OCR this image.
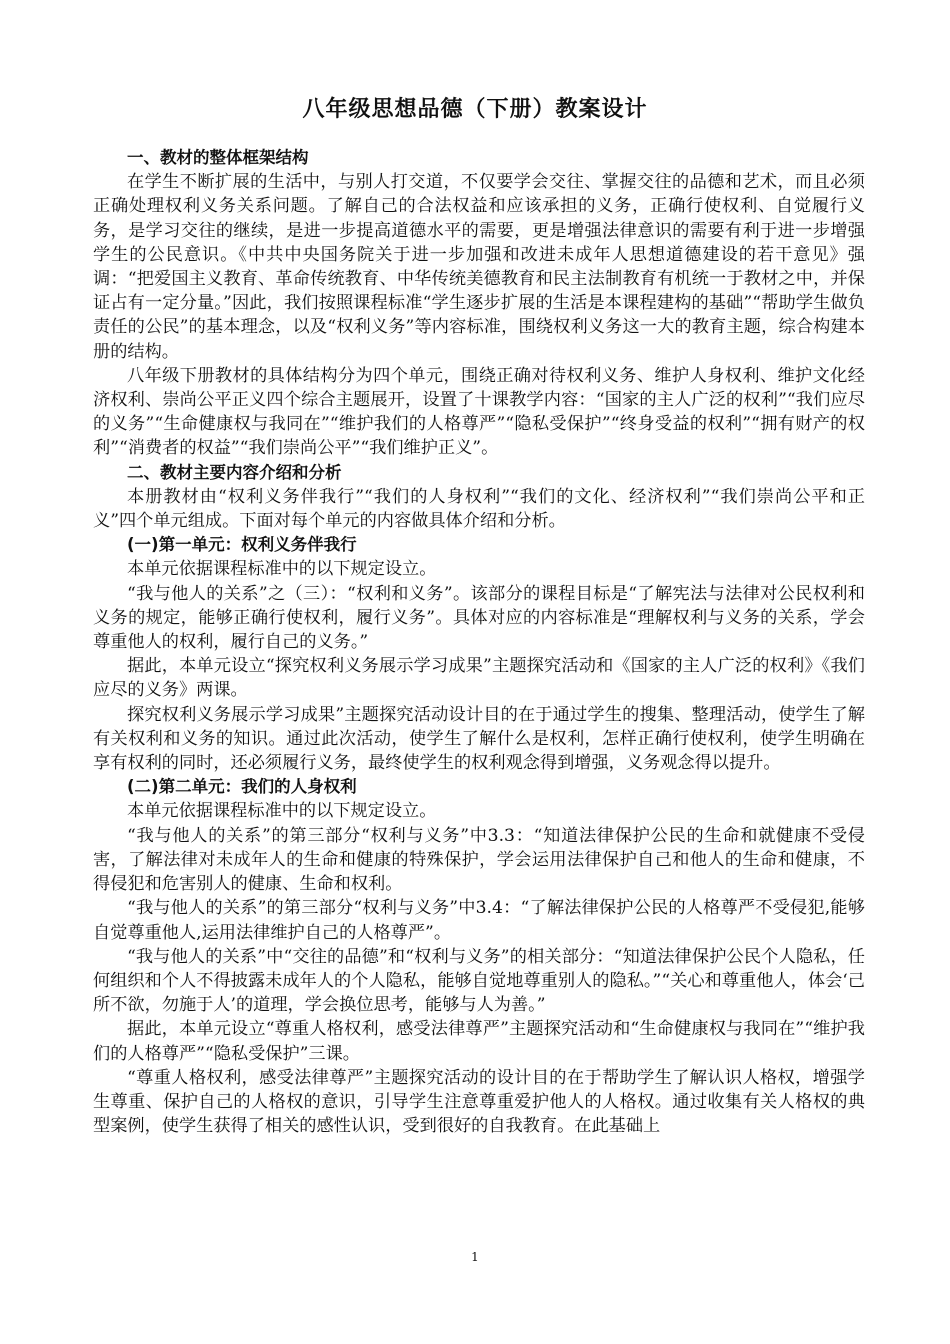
八年级思想品德（下册）教案设计

一、教材的整体框架结构

在学生不断扩展的生活中，与别人打交道，不仅要学会交往、掌握交往的品德和艺术，而且必须正确处理权利义务关系问题。了解自己的合法权益和应该承担的义务，正确行使权利、自觉履行义务，是学习交往的继续，是进一步提高道德水平的需要，更是增强法律意识的需要有利于进一步增强学生的公民意识。《中共中央国务院关于进一步加强和改进未成年人思想道德建设的若干意见》强调：“把爱国主义教育、革命传统教育、中华传统美德教育和民主法制教育有机统一于教材之中，并保证占有一定分量。”因此，我们按照课程标准“学生逐步扩展的生活是本课程建构的基础”“帮助学生做负责任的公民”的基本理念，以及“权利义务”等内容标准，围绕权利义务这一大的教育主题，综合构建本册的结构。

八年级下册教材的具体结构分为四个单元，围绕正确对待权利义务、维护人身权利、维护文化经济权利、崇尚公平正义四个综合主题展开，设置了十课教学内容：“国家的主人广泛的权利”“我们应尽的义务”“生命健康权与我同在”“维护我们的人格尊严”“隐私受保护”“终身受益的权利”“拥有财产的权利”“消费者的权益”“我们崇尚公平”“我们维护正义”。

二、教材主要内容介绍和分析

本册教材由“权利义务伴我行”“我们的人身权利”“我们的文化、经济权利”“我们崇尚公平和正义”四个单元组成。下面对每个单元的内容做具体介绍和分析。

(一)第一单元：权利义务伴我行

本单元依据课程标准中的以下规定设立。

“我与他人的关系”之（三）：“权利和义务”。该部分的课程目标是“了解宪法与法律对公民权利和义务的规定，能够正确行使权利，履行义务”。具体对应的内容标准是“理解权利与义务的关系，学会尊重他人的权利，履行自己的义务。”

据此，本单元设立“探究权利义务展示学习成果”主题探究活动和《国家的主人广泛的权利》《我们应尽的义务》两课。

探究权利义务展示学习成果”主题探究活动设计目的在于通过学生的搜集、整理活动，使学生了解有关权利和义务的知识。通过此次活动，使学生了解什么是权利，怎样正确行使权利，使学生明确在享有权利的同时，还必须履行义务，最终使学生的权利观念得到增强，义务观念得以提升。

(二)第二单元：我们的人身权利

本单元依据课程标准中的以下规定设立。

“我与他人的关系”的第三部分“权利与义务”中3.3：“知道法律保护公民的生命和就健康不受侵害，了解法律对未成年人的生命和健康的特殊保护，学会运用法律保护自己和他人的生命和健康，不得侵犯和危害别人的健康、生命和权利。

“我与他人的关系”的第三部分“权利与义务”中3.4：“了解法律保护公民的人格尊严不受侵犯,能够自觉尊重他人,运用法律维护自己的人格尊严”。

“我与他人的关系”中“交往的品德”和“权利与义务”的相关部分：“知道法律保护公民个人隐私，任何组织和个人不得披露未成年人的个人隐私，能够自觉地尊重别人的隐私。”“关心和尊重他人，体会‘己所不欲，勿施于人’的道理，学会换位思考，能够与人为善。”

据此，本单元设立“尊重人格权利，感受法律尊严”主题探究活动和“生命健康权与我同在”“维护我们的人格尊严”“隐私受保护”三课。

“尊重人格权利，感受法律尊严”主题探究活动的设计目的在于帮助学生了解认识人格权，增强学生尊重、保护自己的人格权的意识，引导学生注意尊重爱护他人的人格权。通过收集有关人格权的典型案例，使学生获得了相关的感性认识，受到很好的自我教育。在此基础上

1
